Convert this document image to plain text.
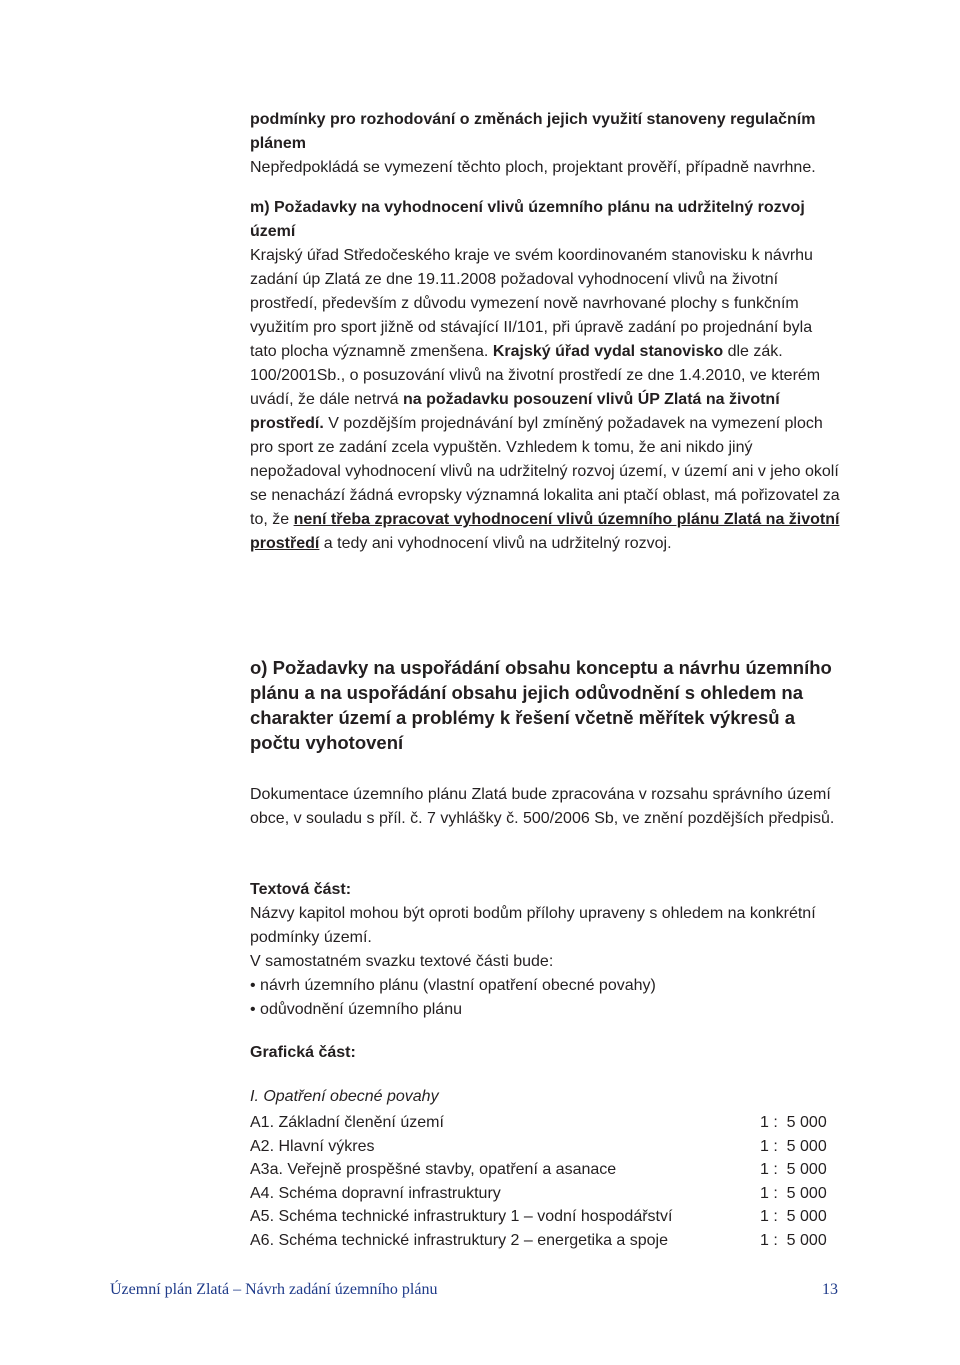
podmínky pro rozhodování o změnách jejich využití stanoveny regulačním plánem

Nepředpokládá se vymezení těchto ploch, projektant prověří, případně navrhne.

m) Požadavky na vyhodnocení vlivů územního plánu na udržitelný rozvoj území

Krajský úřad Středočeského kraje ve svém koordinovaném stanovisku k návrhu zadání úp Zlatá ze dne 19.11.2008 požadoval vyhodnocení vlivů na životní prostředí, především z důvodu vymezení nově navrhované plochy s funkčním využitím pro sport jižně od stávající II/101, při úpravě zadání po projednání byla tato plocha významně zmenšena. Krajský úřad vydal stanovisko dle zák. 100/2001Sb., o posuzování vlivů na životní prostředí ze dne 1.4.2010, ve kterém uvádí, že dále netrvá na požadavku posouzení vlivů ÚP Zlatá na životní prostředí. V pozdějším projednávání byl zmíněný požadavek na vymezení ploch pro sport ze zadání zcela vypuštěn. Vzhledem k tomu, že ani nikdo jiný nepožadoval vyhodnocení vlivů na udržitelný rozvoj území, v území ani v jeho okolí se nenachází žádná evropsky významná lokalita ani ptačí oblast, má pořizovatel za to, že není třeba zpracovat vyhodnocení vlivů územního plánu Zlatá na životní prostředí a tedy ani vyhodnocení vlivů na udržitelný rozvoj.

o) Požadavky na uspořádání obsahu konceptu a návrhu územního plánu a na uspořádání obsahu jejich odůvodnění s ohledem na charakter území a problémy k řešení včetně měřítek výkresů a počtu vyhotovení

Dokumentace územního plánu Zlatá bude zpracována v rozsahu správního území obce, v souladu s příl. č. 7 vyhlášky č. 500/2006 Sb, ve znění pozdějších předpisů.

Textová část:

Názvy kapitol mohou být oproti bodům přílohy upraveny s ohledem na konkrétní podmínky území.

V samostatném svazku textové části bude:

• návrh územního plánu (vlastní opatření obecné povahy)

• odůvodnění územního plánu

Grafická část:

I. Opatření obecné povahy

A1. Základní členění území	1 :  5 000
A2. Hlavní výkres	1 :  5 000
A3a. Veřejně prospěšné stavby, opatření a asanace	1 :  5 000
A4. Schéma dopravní infrastruktury	1 :  5 000
A5. Schéma technické infrastruktury 1 – vodní hospodářství	1 :  5 000
A6. Schéma technické infrastruktury 2 – energetika a spoje	1 :  5 000
Územní plán Zlatá – Návrh zadání územního plánu	13
